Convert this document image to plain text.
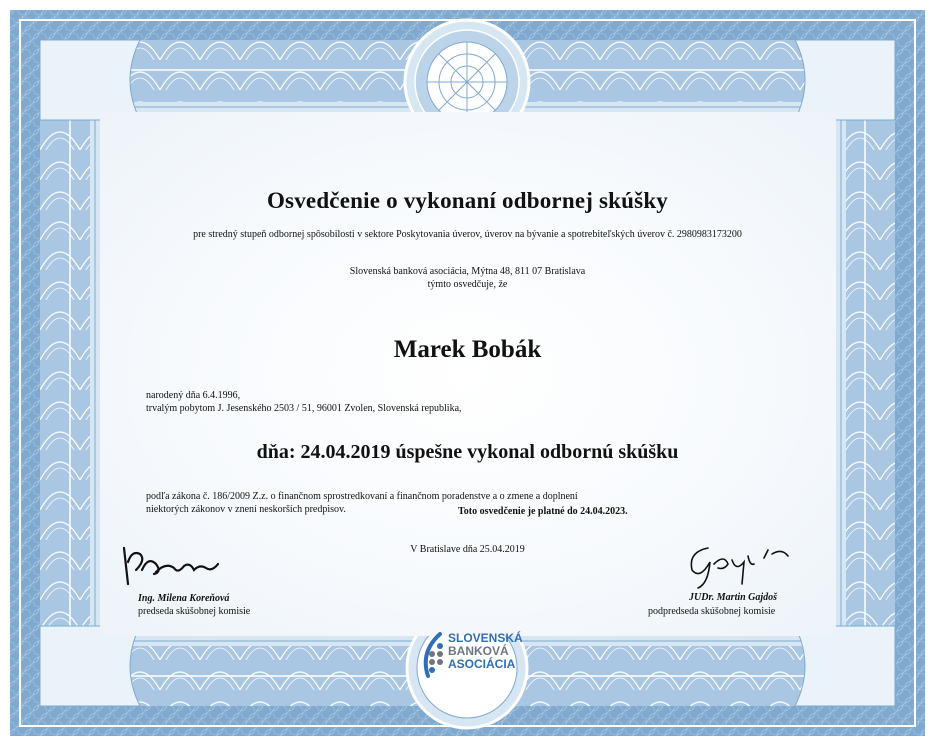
Osvedčenie o vykonaní odbornej skúšky
pre stredný stupeň odbornej spôsobilosti v sektore Poskytovania úverov, úverov na bývanie a spotrebiteľských úverov č. 2980983173200
Slovenská banková asociácia, Mýtna 48, 811 07 Bratislava
týmto osvedčuje, že
Marek Bobák
narodený dňa 6.4.1996,
trvalým pobytom J. Jesenského 2503 / 51, 96001 Zvolen, Slovenská republika,
dňa: 24.04.2019 úspešne vykonal odbornú skúšku
podľa zákona č. 186/2009 Z.z. o finančnom sprostredkovaní a finančnom poradenstve a o zmene a doplnení
niektorých zákonov v znení neskorších predpisov.	Toto osvedčenie je platné do 24.04.2023.
V Bratislave dňa 25.04.2019
Ing. Milena Koreňová
predseda skúšobnej komisie
JUDr. Martin Gajdoš
podpredseda skúšobnej komisie
SLOVENSKÁ
BANKOVÁ
ASOCIÁCIA
